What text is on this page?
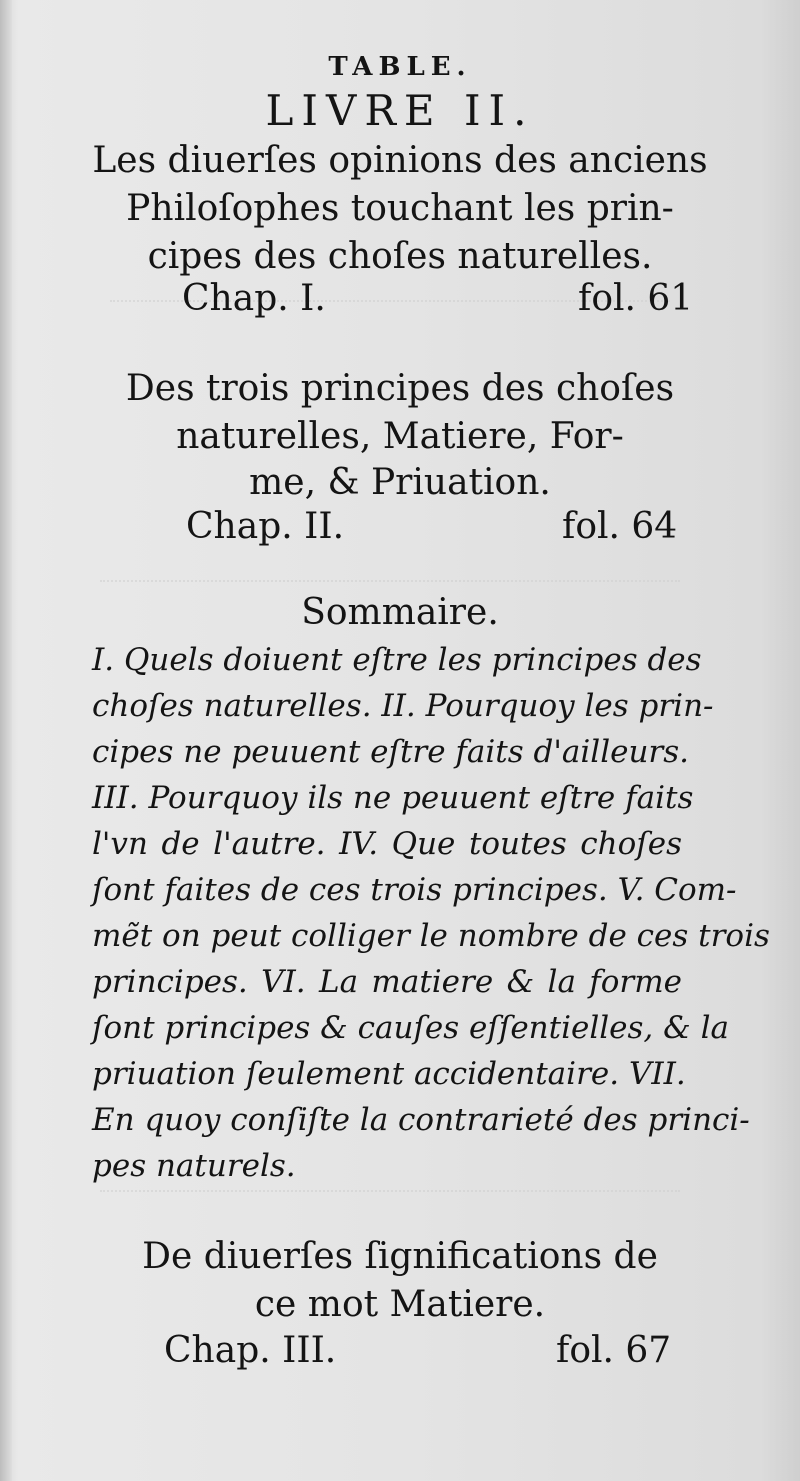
TABLE.
LIVRE II.
Les diuerſes opinions des anciens
Philoſophes touchant les prin-
cipes des choſes naturelles.
Chap. I.	fol. 61
Des trois principes des choſes
naturelles, Matiere, For-
me, & Priuation.
Chap. II.	fol. 64
Sommaire.
I. Quels doiuent eſtre les principes des
choſes naturelles. II. Pourquoy les prin-
cipes ne peuuent eſtre faits d'ailleurs.
III. Pourquoy ils ne peuuent eſtre faits
l'vn de l'autre. IV. Que toutes choſes
ſont faites de ces trois principes. V. Com-
mẽt on peut colliger le nombre de ces trois
principes. VI. La matiere & la forme
ſont principes & cauſes eſſentielles, & la
priuation ſeulement accidentaire. VII.
En quoy conſiſte la contrarieté des princi-
pes naturels.
De diuerſes ſignifications de
ce mot Matiere.
Chap. III.	fol. 67
